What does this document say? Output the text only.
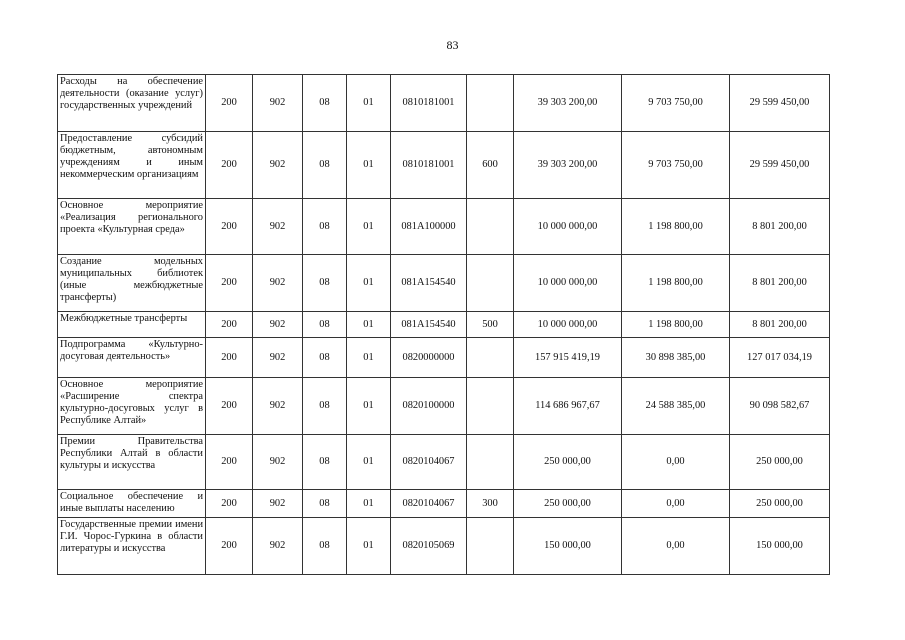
83
Расходы на обеспечение деятельности (оказание услуг) государственных учреждений	200	902	08	01	0810181001		39 303 200,00	9 703 750,00	29 599 450,00
Предоставление субсидий бюджетным, автономным учреждениям и иным некоммерческим организациям	200	902	08	01	0810181001	600	39 303 200,00	9 703 750,00	29 599 450,00
Основное мероприятие «Реализация регионального проекта «Культурная среда»	200	902	08	01	081A100000		10 000 000,00	1 198 800,00	8 801 200,00
Создание модельных муниципальных библиотек (иные межбюджетные трансферты)	200	902	08	01	081A154540		10 000 000,00	1 198 800,00	8 801 200,00
Межбюджетные трансферты	200	902	08	01	081A154540	500	10 000 000,00	1 198 800,00	8 801 200,00
Подпрограмма «Культурно-досуговая деятельность»	200	902	08	01	0820000000		157 915 419,19	30 898 385,00	127 017 034,19
Основное мероприятие «Расширение спектра культурно-досуговых услуг в Республике Алтай»	200	902	08	01	0820100000		114 686 967,67	24 588 385,00	90 098 582,67
Премии Правительства Республики Алтай в области культуры и искусства	200	902	08	01	0820104067		250 000,00	0,00	250 000,00
Социальное обеспечение и иные выплаты населению	200	902	08	01	0820104067	300	250 000,00	0,00	250 000,00
Государственные премии имени Г.И. Чорос-Гуркина в области литературы и искусства	200	902	08	01	0820105069		150 000,00	0,00	150 000,00
